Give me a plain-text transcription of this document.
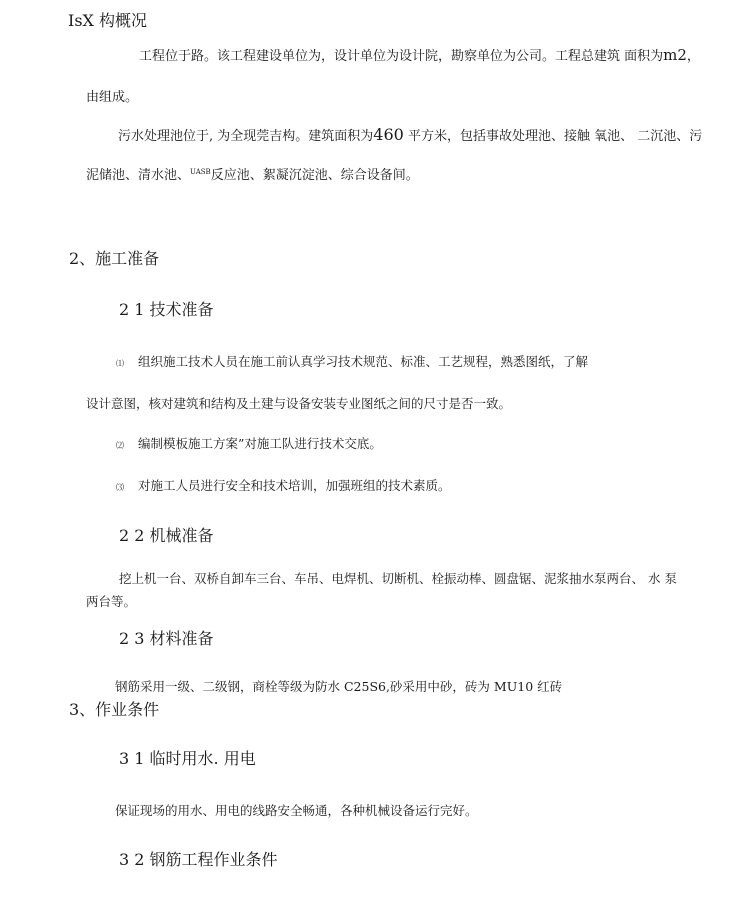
IsX 构概况
工程位于路。该工程建设单位为，设计单位为设计院，勘察单位为公司。工程总建筑 面积为m2，
由组成。
污水处理池位于, 为全现莞吉构。建筑面积为460 平方米，包括事故处理池、接触 氧池、 二沉池、污
泥储池、清水池、$^{UASB}$反应池、絮凝沉淀池、综合设备间。
2、施工准备
2 1 技术准备
⑴ 组织施工技术人员在施工前认真学习技术规范、标准、工艺规程，熟悉图纸，了解
设计意图，核对建筑和结构及土建与设备安装专业图纸之间的尺寸是否一致。
⑵ 编制模板施工方案”对施工队进行技术交底。
⑶ 对施工人员进行安全和技术培训，加强班组的技术素质。
2 2 机械准备
挖上机一台、双桥自卸车三台、车吊、电焊机、切断机、栓振动棒、圆盘锯、泥浆抽水泵两台、 水 泵
两台等。
2 3 材料准备
钢筋采用一级、二级钢，商栓等级为防水 C25S6,砂采用中砂，砖为 MU10 红砖
3、作业条件
3 1 临时用水. 用电
保证现场的用水、用电的线路安全畅通，各种机械设备运行完好。
3 2 钢筋工程作业条件
